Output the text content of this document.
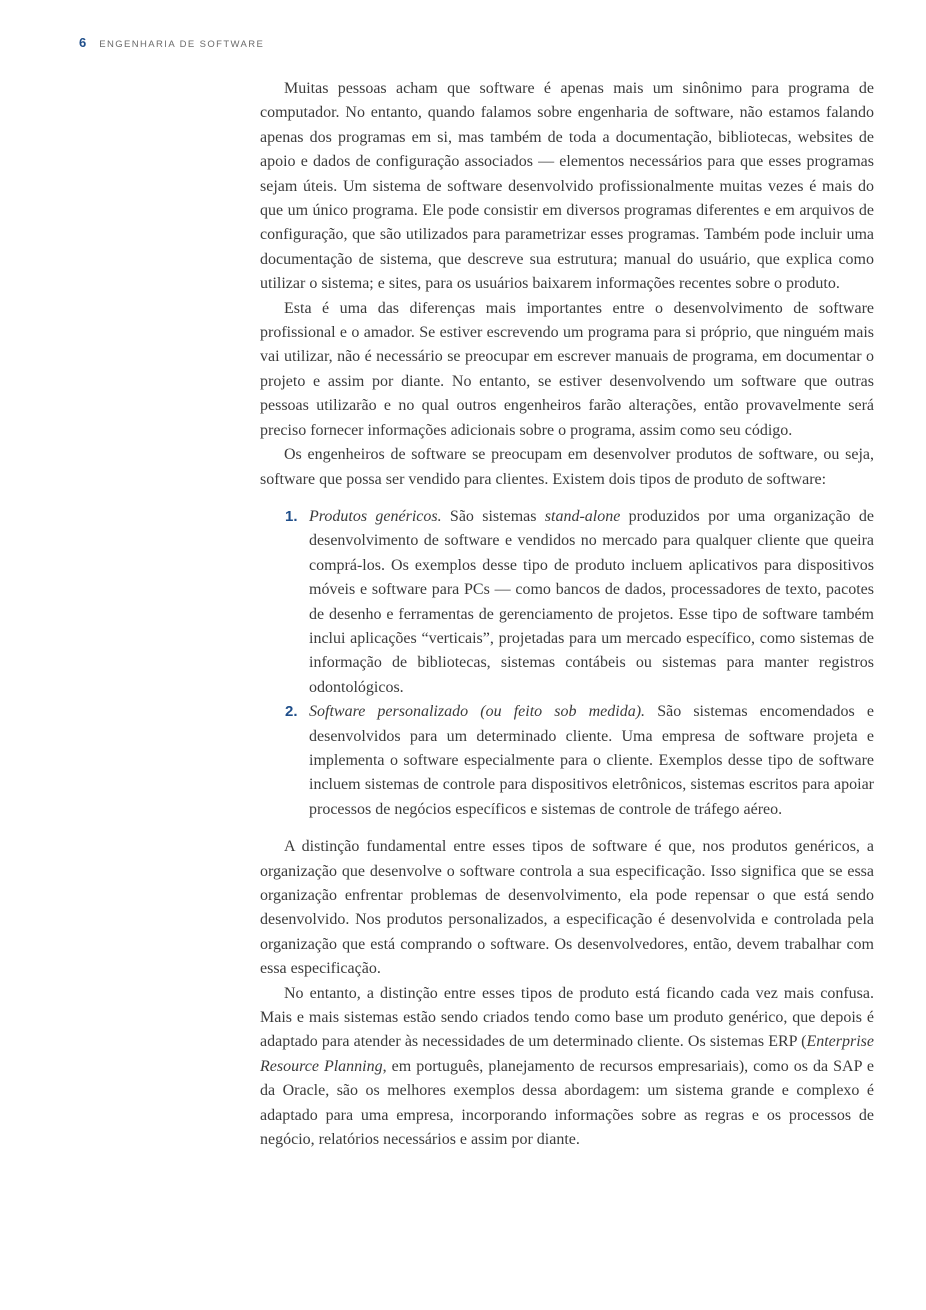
6 ENGENHARIA DE SOFTWARE

Muitas pessoas acham que software é apenas mais um sinônimo para programa de computador. No entanto, quando falamos sobre engenharia de software, não estamos falando apenas dos programas em si, mas também de toda a documentação, bibliotecas, websites de apoio e dados de configuração associados — elementos necessários para que esses programas sejam úteis. Um sistema de software desenvolvido profissionalmente muitas vezes é mais do que um único programa. Ele pode consistir em diversos programas diferentes e em arquivos de configuração, que são utilizados para parametrizar esses programas. Também pode incluir uma documentação de sistema, que descreve sua estrutura; manual do usuário, que explica como utilizar o sistema; e sites, para os usuários baixarem informações recentes sobre o produto.

Esta é uma das diferenças mais importantes entre o desenvolvimento de software profissional e o amador. Se estiver escrevendo um programa para si próprio, que ninguém mais vai utilizar, não é necessário se preocupar em escrever manuais de programa, em documentar o projeto e assim por diante. No entanto, se estiver desenvolvendo um software que outras pessoas utilizarão e no qual outros engenheiros farão alterações, então provavelmente será preciso fornecer informações adicionais sobre o programa, assim como seu código.

Os engenheiros de software se preocupam em desenvolver produtos de software, ou seja, software que possa ser vendido para clientes. Existem dois tipos de produto de software:

1. Produtos genéricos. São sistemas stand-alone produzidos por uma organização de desenvolvimento de software e vendidos no mercado para qualquer cliente que queira comprá-los. Os exemplos desse tipo de produto incluem aplicativos para dispositivos móveis e software para PCs — como bancos de dados, processadores de texto, pacotes de desenho e ferramentas de gerenciamento de projetos. Esse tipo de software também inclui aplicações “verticais”, projetadas para um mercado específico, como sistemas de informação de bibliotecas, sistemas contábeis ou sistemas para manter registros odontológicos.
2. Software personalizado (ou feito sob medida). São sistemas encomendados e desenvolvidos para um determinado cliente. Uma empresa de software projeta e implementa o software especialmente para o cliente. Exemplos desse tipo de software incluem sistemas de controle para dispositivos eletrônicos, sistemas escritos para apoiar processos de negócios específicos e sistemas de controle de tráfego aéreo.

A distinção fundamental entre esses tipos de software é que, nos produtos genéricos, a organização que desenvolve o software controla a sua especificação. Isso significa que se essa organização enfrentar problemas de desenvolvimento, ela pode repensar o que está sendo desenvolvido. Nos produtos personalizados, a especificação é desenvolvida e controlada pela organização que está comprando o software. Os desenvolvedores, então, devem trabalhar com essa especificação.

No entanto, a distinção entre esses tipos de produto está ficando cada vez mais confusa. Mais e mais sistemas estão sendo criados tendo como base um produto genérico, que depois é adaptado para atender às necessidades de um determinado cliente. Os sistemas ERP (Enterprise Resource Planning, em português, planejamento de recursos empresariais), como os da SAP e da Oracle, são os melhores exemplos dessa abordagem: um sistema grande e complexo é adaptado para uma empresa, incorporando informações sobre as regras e os processos de negócio, relatórios necessários e assim por diante.
